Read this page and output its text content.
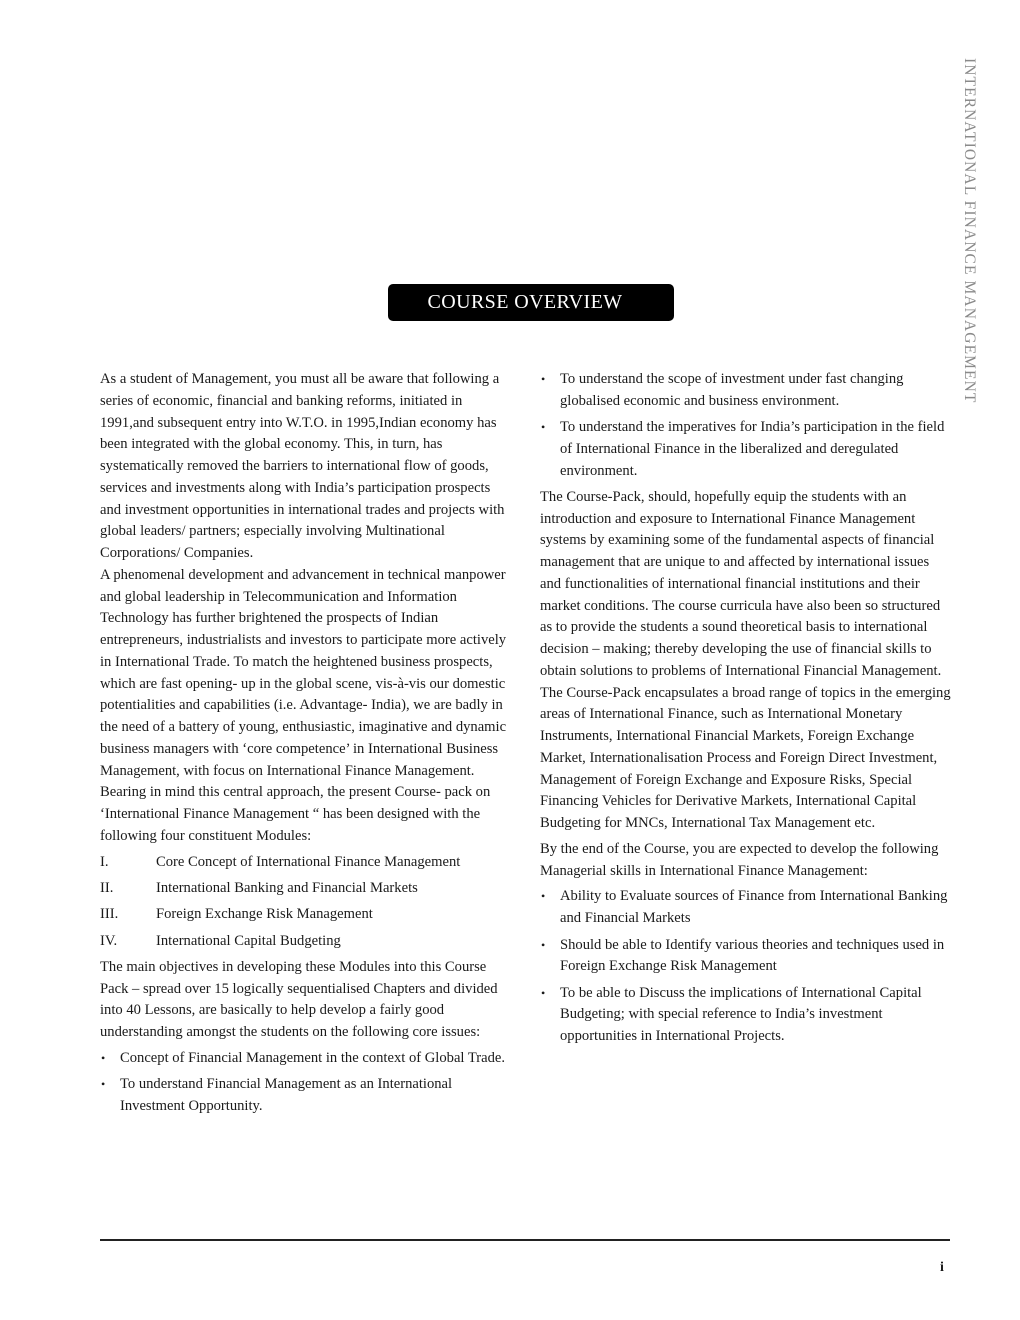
INTERNATIONAL FINANCE MANAGEMENT
COURSE OVERVIEW

As a student of Management, you must all be aware that following a series of economic, financial and banking reforms, initiated in 1991,and subsequent entry into W.T.O. in 1995,Indian economy has been integrated with the global economy. This, in turn, has systematically removed the barriers to international flow of goods, services and investments along with India’s participation prospects and investment opportunities in international trades and projects with global leaders/ partners; especially involving Multinational Corporations/ Companies.

A phenomenal development and advancement in technical manpower and global leadership in Telecommunication and Information Technology has further brightened the prospects of Indian entrepreneurs, industrialists and investors to participate more actively in International Trade. To match the heightened business prospects, which are fast opening- up in the global scene, vis-à-vis our domestic potentialities and capabilities (i.e. Advantage- India), we are badly in the need of a battery of young, enthusiastic, imaginative and dynamic business managers with ‘core competence’ in International Business Management, with focus on International Finance Management. Bearing in mind this central approach, the present Course- pack on ‘International Finance Management “ has been designed with the following four constituent Modules:

I.	Core Concept of International Finance Management
II.	International Banking and Financial Markets
III.	Foreign Exchange Risk Management
IV.	International Capital Budgeting

The main objectives in developing these Modules into this Course Pack – spread over 15 logically sequentialised Chapters and divided into 40 Lessons, are basically to help develop a fairly good understanding amongst the students on the following core issues:

•	Concept of Financial Management in the context of Global Trade.
•	To understand Financial Management as an International Investment Opportunity.
•	To understand the scope of investment under fast changing globalised economic and business environment.
•	To understand the imperatives for India’s participation in the field of International Finance in the liberalized and deregulated environment.

The Course-Pack, should, hopefully equip the students with an introduction and exposure to International Finance Management systems by examining some of the fundamental aspects of financial management that are unique to and affected by international issues and functionalities of international financial institutions and their market conditions. The course curricula have also been so structured as to provide the students a sound theoretical basis to international decision – making; thereby developing the use of financial skills to obtain solutions to problems of International Financial Management. The Course-Pack encapsulates a broad range of topics in the emerging areas of International Finance, such as International Monetary Instruments, International Financial Markets, Foreign Exchange Market, Internationalisation Process and Foreign Direct Investment, Management of Foreign Exchange and Exposure Risks, Special Financing Vehicles for Derivative Markets, International Capital Budgeting for MNCs, International Tax Management etc.

By the end of the Course, you are expected to develop the following Managerial skills in International Finance Management:

•	Ability to Evaluate sources of Finance from International Banking and Financial Markets
•	Should be able to Identify various theories and techniques used in Foreign Exchange Risk Management
•	To be able to Discuss the implications of International Capital Budgeting; with special reference to India’s investment opportunities in International Projects.
i
